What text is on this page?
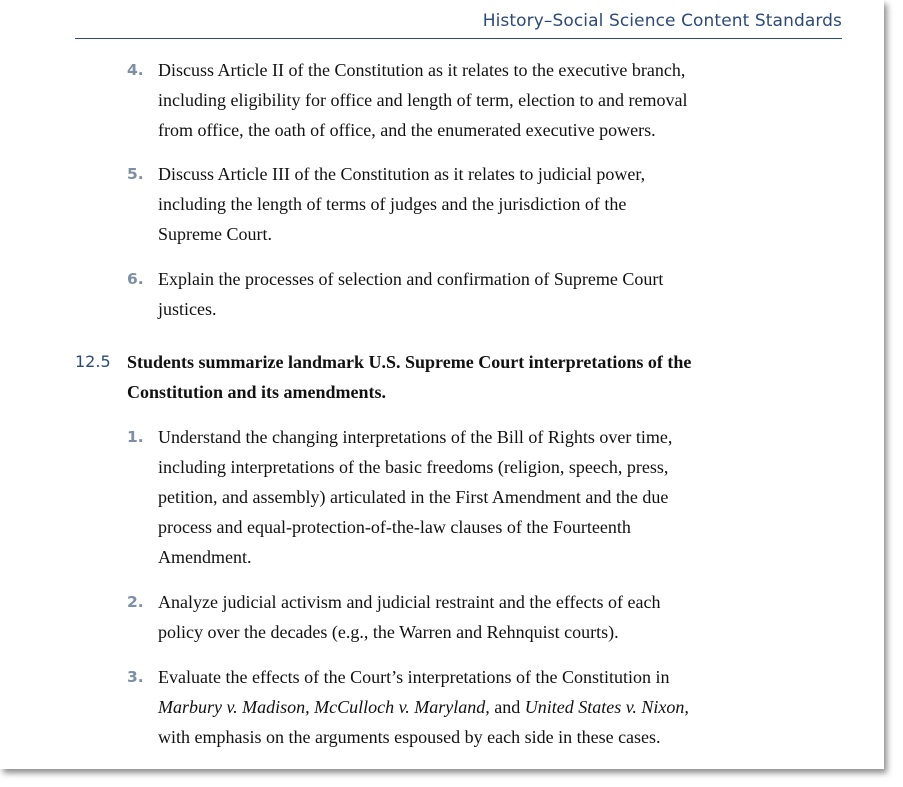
History–Social Science Content Standards
4. Discuss Article II of the Constitution as it relates to the executive branch,
including eligibility for office and length of term, election to and removal
from office, the oath of office, and the enumerated executive powers.
5. Discuss Article III of the Constitution as it relates to judicial power,
including the length of terms of judges and the jurisdiction of the
Supreme Court.
6. Explain the processes of selection and confirmation of Supreme Court
justices.
12.5 Students summarize landmark U.S. Supreme Court interpretations of the
Constitution and its amendments.
1. Understand the changing interpretations of the Bill of Rights over time,
including interpretations of the basic freedoms (religion, speech, press,
petition, and assembly) articulated in the First Amendment and the due
process and equal-protection-of-the-law clauses of the Fourteenth
Amendment.
2. Analyze judicial activism and judicial restraint and the effects of each
policy over the decades (e.g., the Warren and Rehnquist courts).
3. Evaluate the effects of the Court’s interpretations of the Constitution in
Marbury v. Madison, McCulloch v. Maryland, and United States v. Nixon,
with emphasis on the arguments espoused by each side in these cases.
